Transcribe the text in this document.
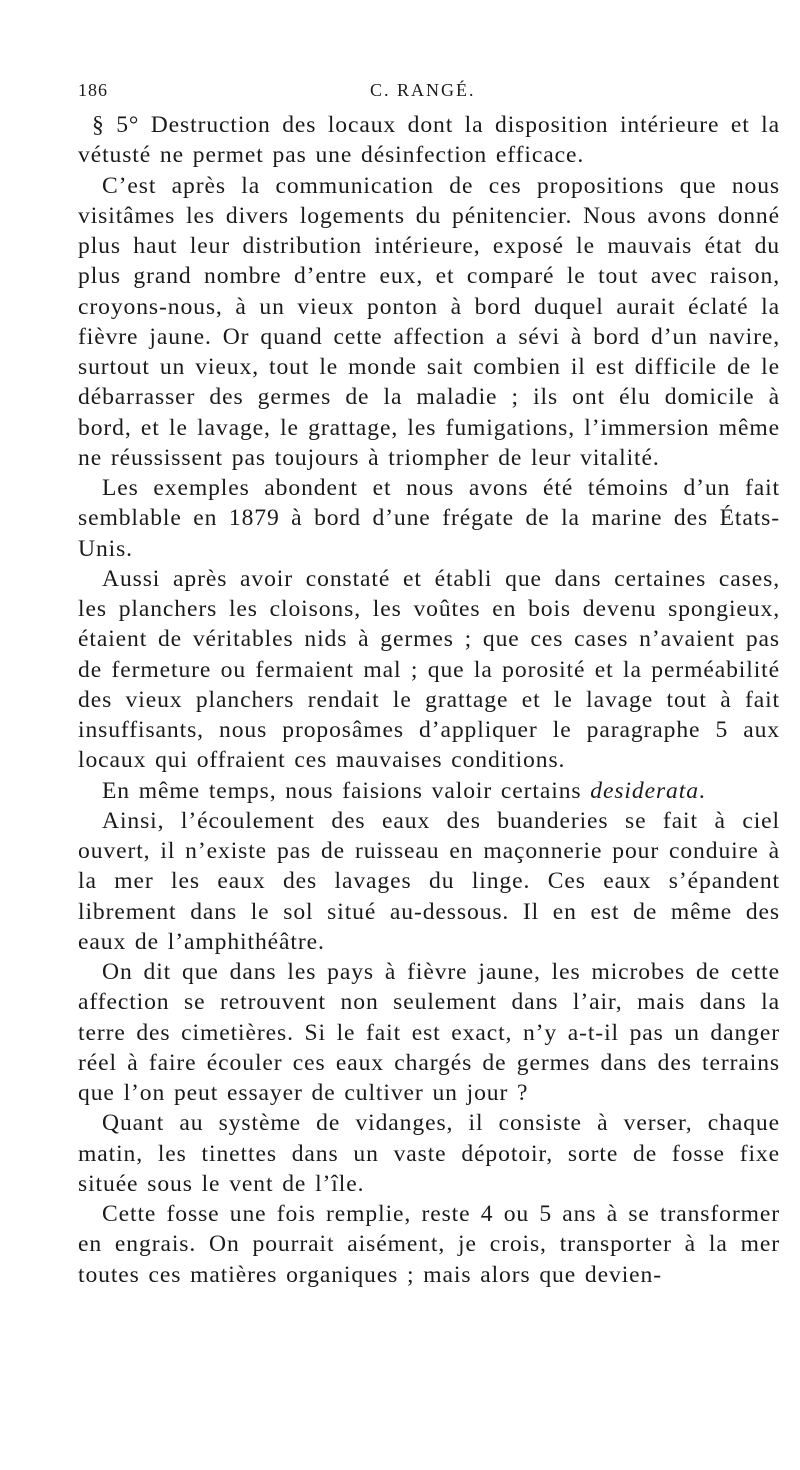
186	C. RANGÉ.

§ 5° Destruction des locaux dont la disposition intérieure et la vétusté ne permet pas une désinfection efficace.

C’est après la communication de ces propositions que nous visitâmes les divers logements du pénitencier. Nous avons donné plus haut leur distribution intérieure, exposé le mauvais état du plus grand nombre d’entre eux, et comparé le tout avec raison, croyons-nous, à un vieux ponton à bord duquel aurait éclaté la fièvre jaune. Or quand cette affection a sévi à bord d’un navire, surtout un vieux, tout le monde sait combien il est difficile de le débarrasser des germes de la maladie ; ils ont élu domicile à bord, et le lavage, le grattage, les fumigations, l’immersion même ne réussissent pas toujours à triompher de leur vitalité.

Les exemples abondent et nous avons été témoins d’un fait semblable en 1879 à bord d’une frégate de la marine des États-Unis.

Aussi après avoir constaté et établi que dans certaines cases, les planchers les cloisons, les voûtes en bois devenu spongieux, étaient de véritables nids à germes ; que ces cases n’avaient pas de fermeture ou fermaient mal ; que la porosité et la perméabilité des vieux planchers rendait le grattage et le lavage tout à fait insuffisants, nous proposâmes d’appliquer le paragraphe 5 aux locaux qui offraient ces mauvaises conditions.

En même temps, nous faisions valoir certains desiderata.

Ainsi, l’écoulement des eaux des buanderies se fait à ciel ouvert, il n’existe pas de ruisseau en maçonnerie pour conduire à la mer les eaux des lavages du linge. Ces eaux s’épandent librement dans le sol situé au-dessous. Il en est de même des eaux de l’amphithéâtre.

On dit que dans les pays à fièvre jaune, les microbes de cette affection se retrouvent non seulement dans l’air, mais dans la terre des cimetières. Si le fait est exact, n’y a-t-il pas un danger réel à faire écouler ces eaux chargés de germes dans des terrains que l’on peut essayer de cultiver un jour ?

Quant au système de vidanges, il consiste à verser, chaque matin, les tinettes dans un vaste dépotoir, sorte de fosse fixe située sous le vent de l’île.

Cette fosse une fois remplie, reste 4 ou 5 ans à se transformer en engrais. On pourrait aisément, je crois, transporter à la mer toutes ces matières organiques ; mais alors que devien-
